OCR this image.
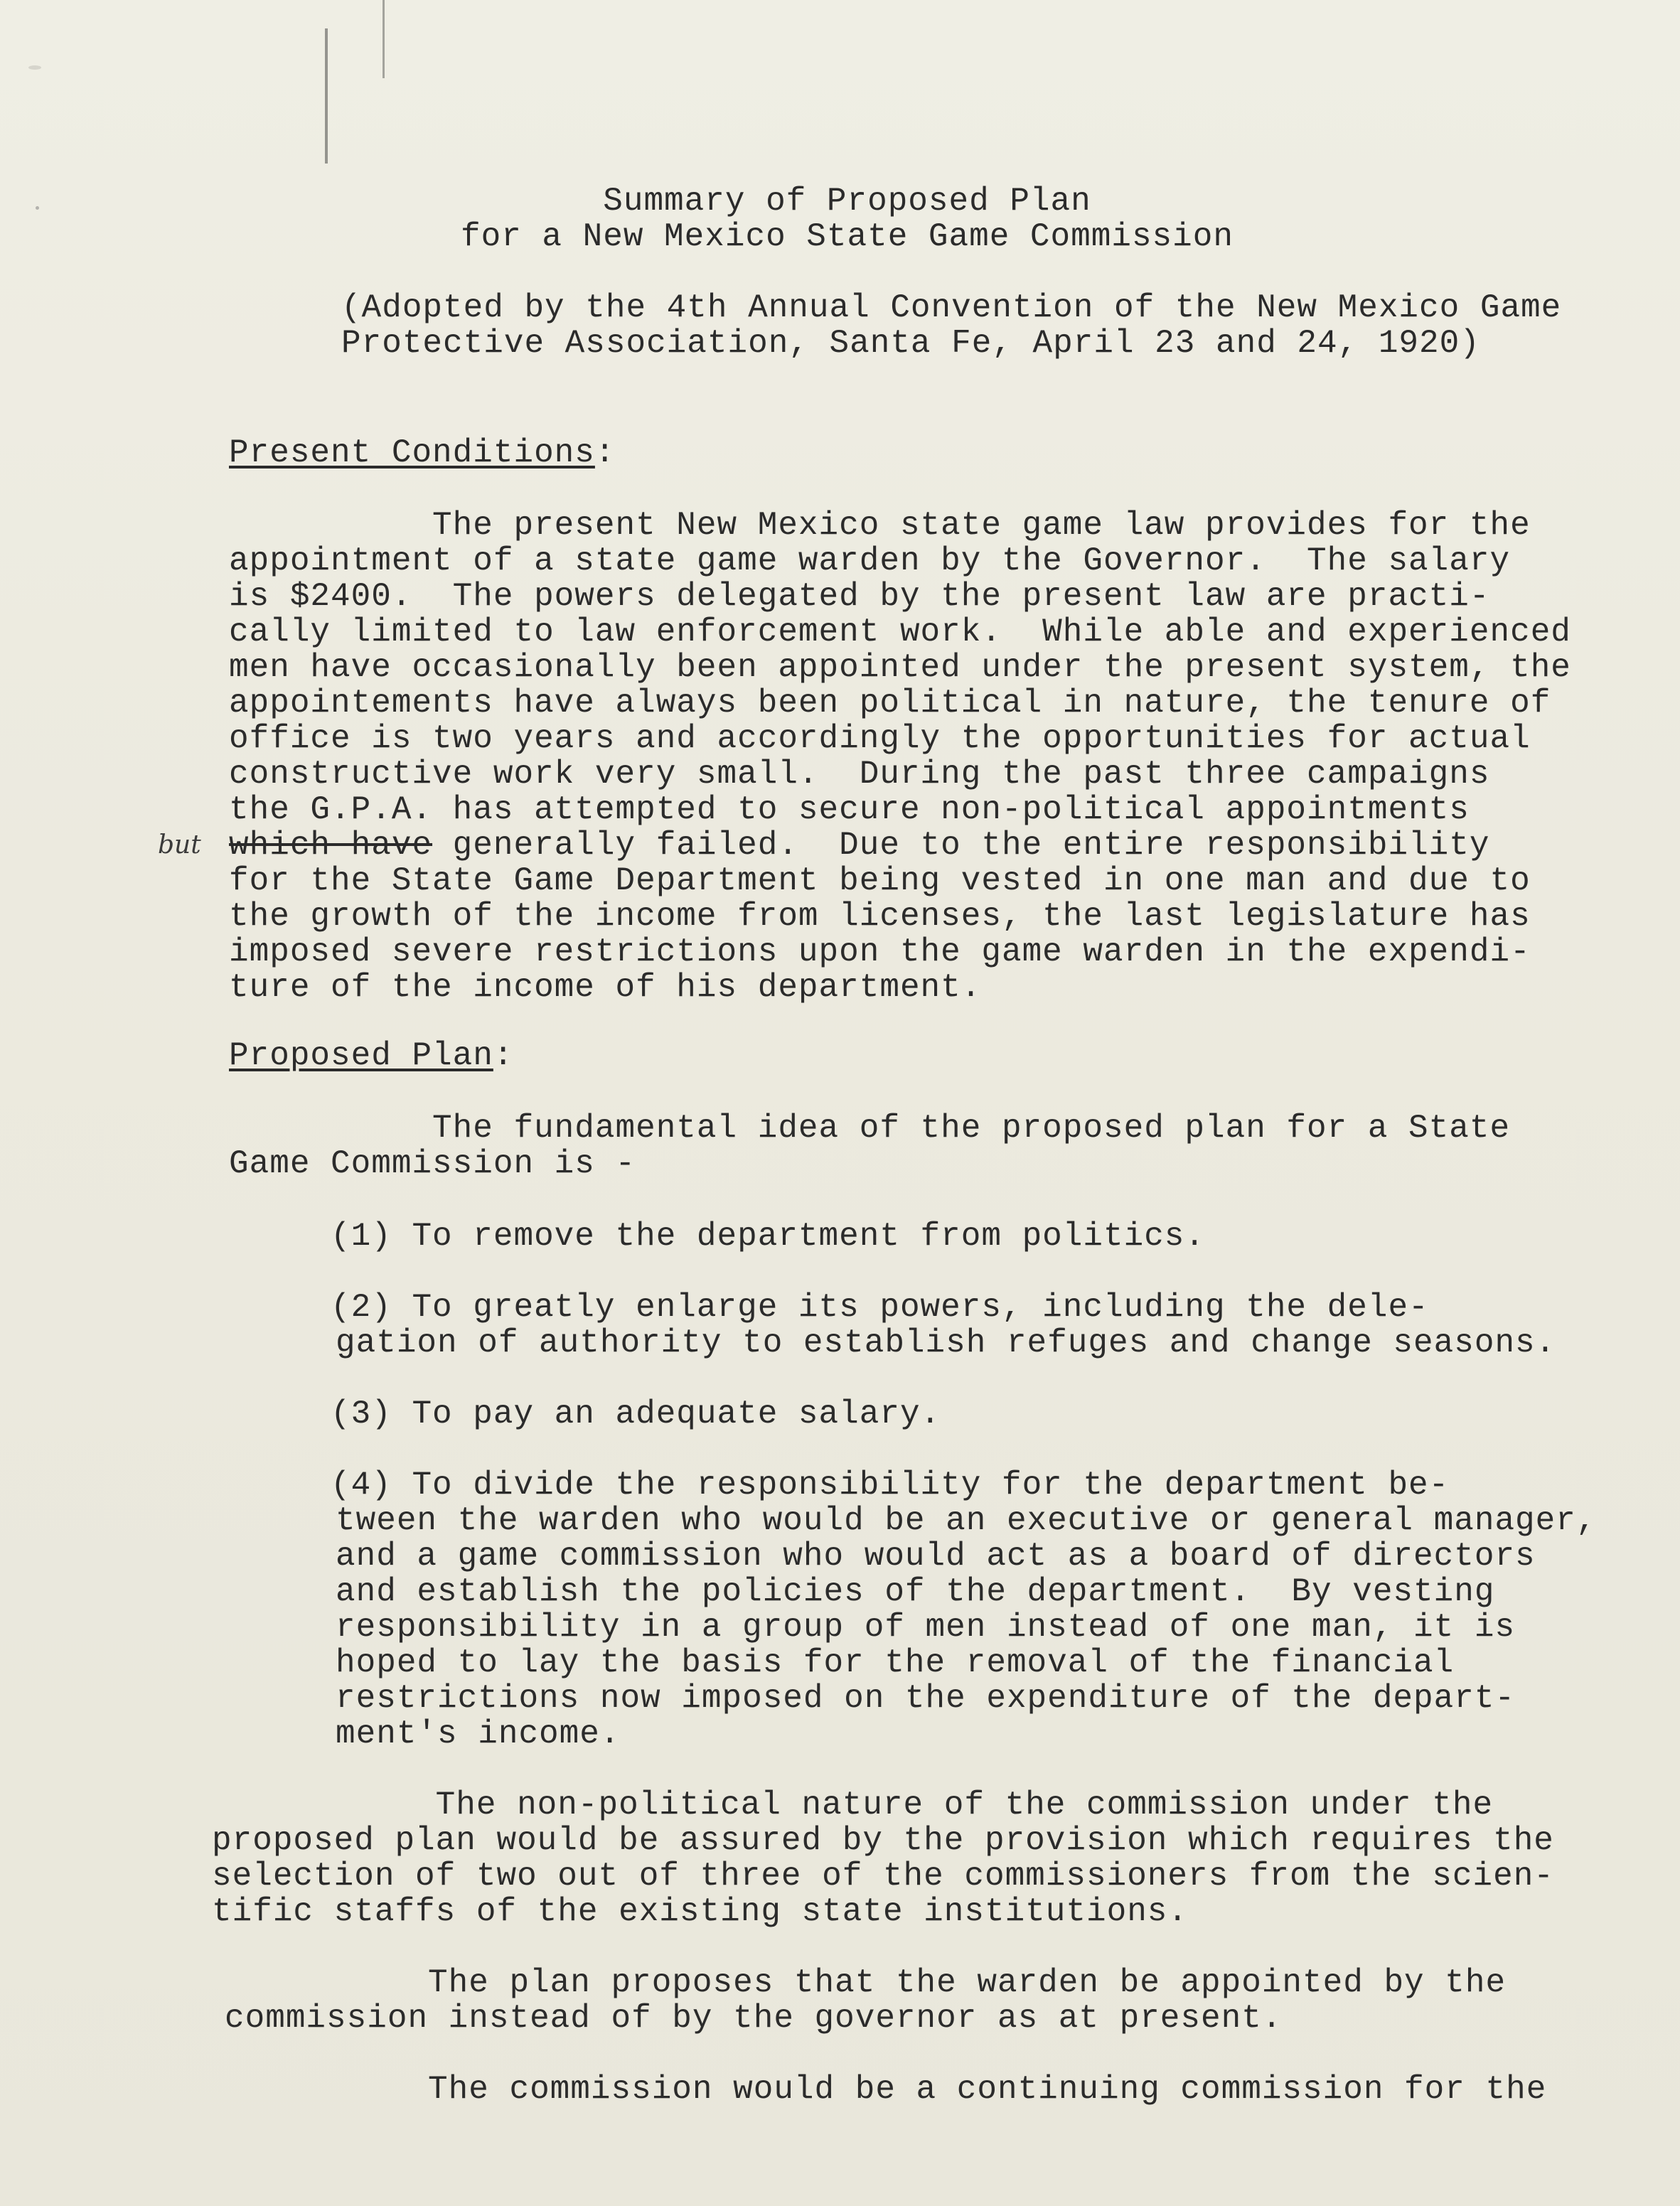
Summary of Proposed Plan
for a New Mexico State Game Commission
(Adopted by the 4th Annual Convention of the New Mexico Game
Protective Association, Santa Fe, April 23 and 24, 1920)
Present Conditions:
The present New Mexico state game law provides for the
appointment of a state game warden by the Governor.  The salary
is $2400.  The powers delegated by the present law are practi-
cally limited to law enforcement work.  While able and experienced
men have occasionally been appointed under the present system, the
appointements have always been political in nature, the tenure of
office is two years and accordingly the opportunities for actual
constructive work very small.  During the past three campaigns
the G.P.A. has attempted to secure non-political appointments
but which have generally failed.  Due to the entire responsibility
for the State Game Department being vested in one man and due to
the growth of the income from licenses, the last legislature has
imposed severe restrictions upon the game warden in the expendi-
ture of the income of his department.
Proposed Plan:
The fundamental idea of the proposed plan for a State
Game Commission is -
(1) To remove the department from politics.
(2) To greatly enlarge its powers, including the dele-
gation of authority to establish refuges and change seasons.
(3) To pay an adequate salary.
(4) To divide the responsibility for the department be-
tween the warden who would be an executive or general manager,
and a game commission who would act as a board of directors
and establish the policies of the department.  By vesting
responsibility in a group of men instead of one man, it is
hoped to lay the basis for the removal of the financial
restrictions now imposed on the expenditure of the depart-
ment's income.
The non-political nature of the commission under the
proposed plan would be assured by the provision which requires the
selection of two out of three of the commissioners from the scien-
tific staffs of the existing state institutions.
The plan proposes that the warden be appointed by the
commission instead of by the governor as at present.
The commission would be a continuing commission for the
